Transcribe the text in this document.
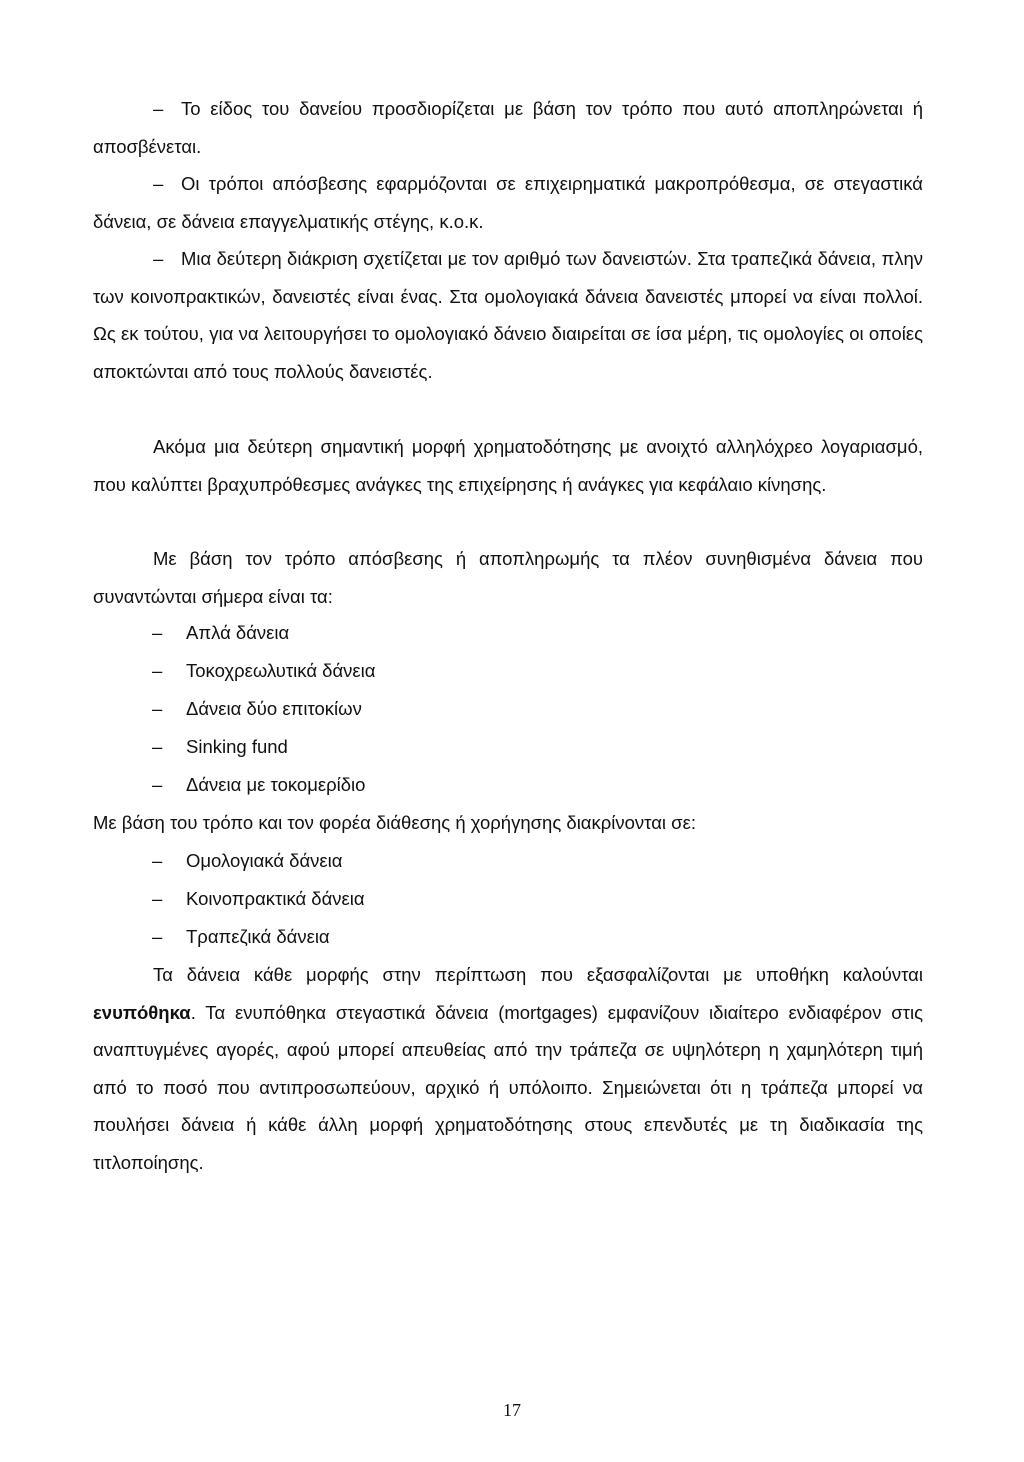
– Το είδος του δανείου προσδιορίζεται με βάση τον τρόπο που αυτό αποπληρώνεται ή αποσβένεται.

– Οι τρόποι απόσβεσης εφαρμόζονται σε επιχειρηματικά μακροπρόθεσμα, σε στεγαστικά δάνεια, σε δάνεια επαγγελματικής στέγης, κ.ο.κ.

– Μια δεύτερη διάκριση σχετίζεται με τον αριθμό των δανειστών. Στα τραπεζικά δάνεια, πλην των κοινοπρακτικών, δανειστές είναι ένας. Στα ομολογιακά δάνεια δανειστές μπορεί να είναι πολλοί. Ως εκ τούτου, για να λειτουργήσει το ομολογιακό δάνειο διαιρείται σε ίσα μέρη, τις ομολογίες οι οποίες αποκτώνται από τους πολλούς δανειστές.

Ακόμα μια δεύτερη σημαντική μορφή χρηματοδότησης με ανοιχτό αλληλόχρεο λογαριασμό, που καλύπτει βραχυπρόθεσμες ανάγκες της επιχείρησης ή ανάγκες για κεφάλαιο κίνησης.

Με βάση τον τρόπο απόσβεσης ή αποπληρωμής τα πλέον συνηθισμένα δάνεια που συναντώνται σήμερα είναι τα:

– Απλά δάνεια

– Τοκοχρεωλυτικά δάνεια

– Δάνεια δύο επιτοκίων

– Sinking fund

– Δάνεια με τοκομερίδιο

Με βάση του τρόπο και τον φορέα διάθεσης ή χορήγησης διακρίνονται σε:

– Ομολογιακά δάνεια

– Κοινοπρακτικά δάνεια

– Τραπεζικά δάνεια

Τα δάνεια κάθε μορφής στην περίπτωση που εξασφαλίζονται με υποθήκη καλούνται ενυπόθηκα. Τα ενυπόθηκα στεγαστικά δάνεια (mortgages) εμφανίζουν ιδιαίτερο ενδιαφέρον στις αναπτυγμένες αγορές, αφού μπορεί απευθείας από την τράπεζα σε υψηλότερη η χαμηλότερη τιμή από το ποσό που αντιπροσωπεύουν, αρχικό ή υπόλοιπο. Σημειώνεται ότι η τράπεζα μπορεί να πουλήσει δάνεια ή κάθε άλλη μορφή χρηματοδότησης στους επενδυτές με τη διαδικασία της τιτλοποίησης.

17
